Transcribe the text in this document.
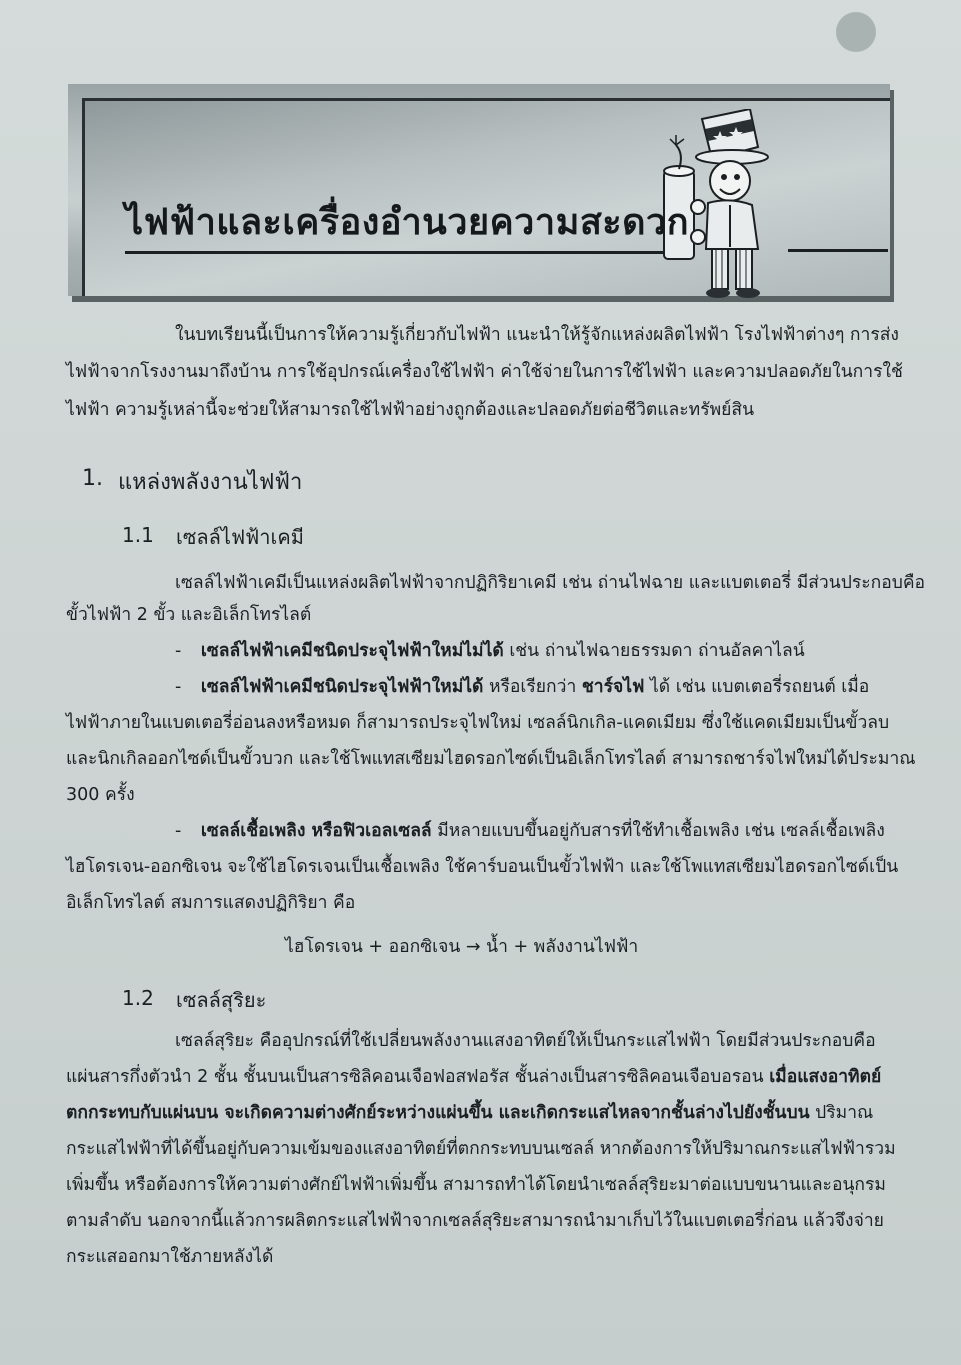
ไฟฟ้าและเครื่องอำนวยความสะดวก
ในบทเรียนนี้เป็นการให้ความรู้เกี่ยวกับไฟฟ้า แนะนำให้รู้จักแหล่งผลิตไฟฟ้า โรงไฟฟ้าต่างๆ การส่ง
ไฟฟ้าจากโรงงานมาถึงบ้าน การใช้อุปกรณ์เครื่องใช้ไฟฟ้า ค่าใช้จ่ายในการใช้ไฟฟ้า และความปลอดภัยในการใช้
ไฟฟ้า ความรู้เหล่านี้จะช่วยให้สามารถใช้ไฟฟ้าอย่างถูกต้องและปลอดภัยต่อชีวิตและทรัพย์สิน
1. แหล่งพลังงานไฟฟ้า
1.1 เซลล์ไฟฟ้าเคมี
เซลล์ไฟฟ้าเคมีเป็นแหล่งผลิตไฟฟ้าจากปฏิกิริยาเคมี เช่น ถ่านไฟฉาย และแบตเตอรี่ มีส่วนประกอบคือ
ขั้วไฟฟ้า 2 ขั้ว และอิเล็กโทรไลต์
- เซลล์ไฟฟ้าเคมีชนิดประจุไฟฟ้าใหม่ไม่ได้ เช่น ถ่านไฟฉายธรรมดา ถ่านอัลคาไลน์
- เซลล์ไฟฟ้าเคมีชนิดประจุไฟฟ้าใหม่ได้ หรือเรียกว่า ชาร์จไฟ ได้ เช่น แบตเตอรี่รถยนต์ เมื่อ
ไฟฟ้าภายในแบตเตอรี่อ่อนลงหรือหมด ก็สามารถประจุไฟใหม่ เซลล์นิกเกิล-แคดเมียม ซึ่งใช้แคดเมียมเป็นขั้วลบ
และนิกเกิลออกไซด์เป็นขั้วบวก และใช้โพแทสเซียมไฮดรอกไซด์เป็นอิเล็กโทรไลต์ สามารถชาร์จไฟใหม่ได้ประมาณ
300 ครั้ง
- เซลล์เชื้อเพลิง หรือฟิวเอลเซลล์ มีหลายแบบขึ้นอยู่กับสารที่ใช้ทำเชื้อเพลิง เช่น เซลล์เชื้อเพลิง
ไฮโดรเจน-ออกซิเจน จะใช้ไฮโดรเจนเป็นเชื้อเพลิง ใช้คาร์บอนเป็นขั้วไฟฟ้า และใช้โพแทสเซียมไฮดรอกไซด์เป็น
อิเล็กโทรไลต์ สมการแสดงปฏิกิริยา คือ
ไฮโดรเจน + ออกซิเจน → น้ำ + พลังงานไฟฟ้า
1.2 เซลล์สุริยะ
เซลล์สุริยะ คืออุปกรณ์ที่ใช้เปลี่ยนพลังงานแสงอาทิตย์ให้เป็นกระแสไฟฟ้า โดยมีส่วนประกอบคือ
แผ่นสารกึ่งตัวนำ 2 ชั้น ชั้นบนเป็นสารซิลิคอนเจือฟอสฟอรัส ชั้นล่างเป็นสารซิลิคอนเจือบอรอน เมื่อแสงอาทิตย์
ตกกระทบกับแผ่นบน จะเกิดความต่างศักย์ระหว่างแผ่นขึ้น และเกิดกระแสไหลจากชั้นล่างไปยังชั้นบน ปริมาณ
กระแสไฟฟ้าที่ได้ขึ้นอยู่กับความเข้มของแสงอาทิตย์ที่ตกกระทบบนเซลล์ หากต้องการให้ปริมาณกระแสไฟฟ้ารวม
เพิ่มขึ้น หรือต้องการให้ความต่างศักย์ไฟฟ้าเพิ่มขึ้น สามารถทำได้โดยนำเซลล์สุริยะมาต่อแบบขนานและอนุกรม
ตามลำดับ นอกจากนี้แล้วการผลิตกระแสไฟฟ้าจากเซลล์สุริยะสามารถนำมาเก็บไว้ในแบตเตอรี่ก่อน แล้วจึงจ่าย
กระแสออกมาใช้ภายหลังได้
